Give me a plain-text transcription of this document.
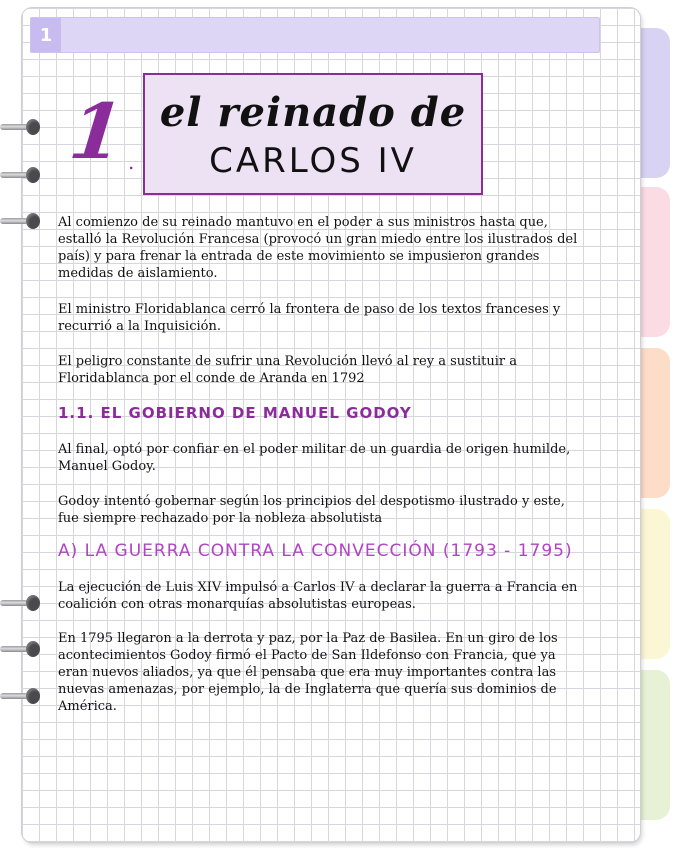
1
1 .
el reinado de
CARLOS IV
Al comienzo de su reinado mantuvo en el poder a sus ministros hasta que, estalló la Revolución Francesa (provocó un gran miedo entre los ilustrados del país) y para frenar la entrada de este movimiento se impusieron grandes medidas de aislamiento.
El ministro Floridablanca cerró la frontera de paso de los textos franceses y recurrió a la Inquisición.
El peligro constante de sufrir una Revolución llevó al rey a sustituir a Floridablanca por el conde de Aranda en 1792
1.1. EL GOBIERNO DE MANUEL GODOY
Al final, optó por confiar en el poder militar de un guardia de origen humilde, Manuel Godoy.
Godoy intentó gobernar según los principios del despotismo ilustrado y este, fue siempre rechazado por la nobleza absolutista
A) LA GUERRA CONTRA LA CONVECCIÓN (1793 - 1795)
La ejecución de Luis XIV impulsó a Carlos IV a declarar la guerra a Francia en coalición con otras monarquías absolutistas europeas.
En 1795 llegaron a la derrota y paz, por la Paz de Basilea. En un giro de los acontecimientos Godoy firmó el Pacto de San Ildefonso con Francia, que ya eran nuevos aliados, ya que él pensaba que era muy importantes contra las nuevas amenazas, por ejemplo, la de Inglaterra que quería sus dominios de América.
